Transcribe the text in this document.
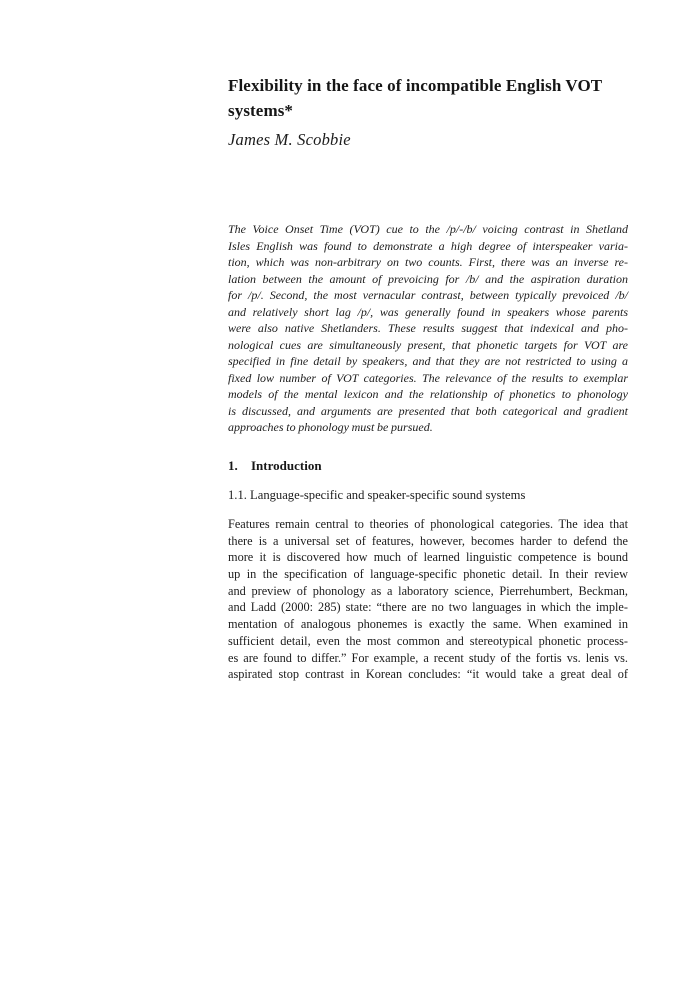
Flexibility in the face of incompatible English VOT
systems*
James M. Scobbie
The Voice Onset Time (VOT) cue to the /p/-/b/ voicing contrast in Shetland
Isles English was found to demonstrate a high degree of interspeaker varia-
tion, which was non-arbitrary on two counts. First, there was an inverse re-
lation between the amount of prevoicing for /b/ and the aspiration duration
for /p/. Second, the most vernacular contrast, between typically prevoiced /b/
and relatively short lag /p/, was generally found in speakers whose parents
were also native Shetlanders. These results suggest that indexical and pho-
nological cues are simultaneously present, that phonetic targets for VOT are
specified in fine detail by speakers, and that they are not restricted to using a
fixed low number of VOT categories. The relevance of the results to exemplar
models of the mental lexicon and the relationship of phonetics to phonology
is discussed, and arguments are presented that both categorical and gradient
approaches to phonology must be pursued.
1. Introduction
1.1. Language-specific and speaker-specific sound systems
Features remain central to theories of phonological categories. The idea that
there is a universal set of features, however, becomes harder to defend the
more it is discovered how much of learned linguistic competence is bound
up in the specification of language-specific phonetic detail. In their review
and preview of phonology as a laboratory science, Pierrehumbert, Beckman,
and Ladd (2000: 285) state: “there are no two languages in which the imple-
mentation of analogous phonemes is exactly the same. When examined in
sufficient detail, even the most common and stereotypical phonetic process-
es are found to differ.” For example, a recent study of the fortis vs. lenis vs.
aspirated stop contrast in Korean concludes: “it would take a great deal of
